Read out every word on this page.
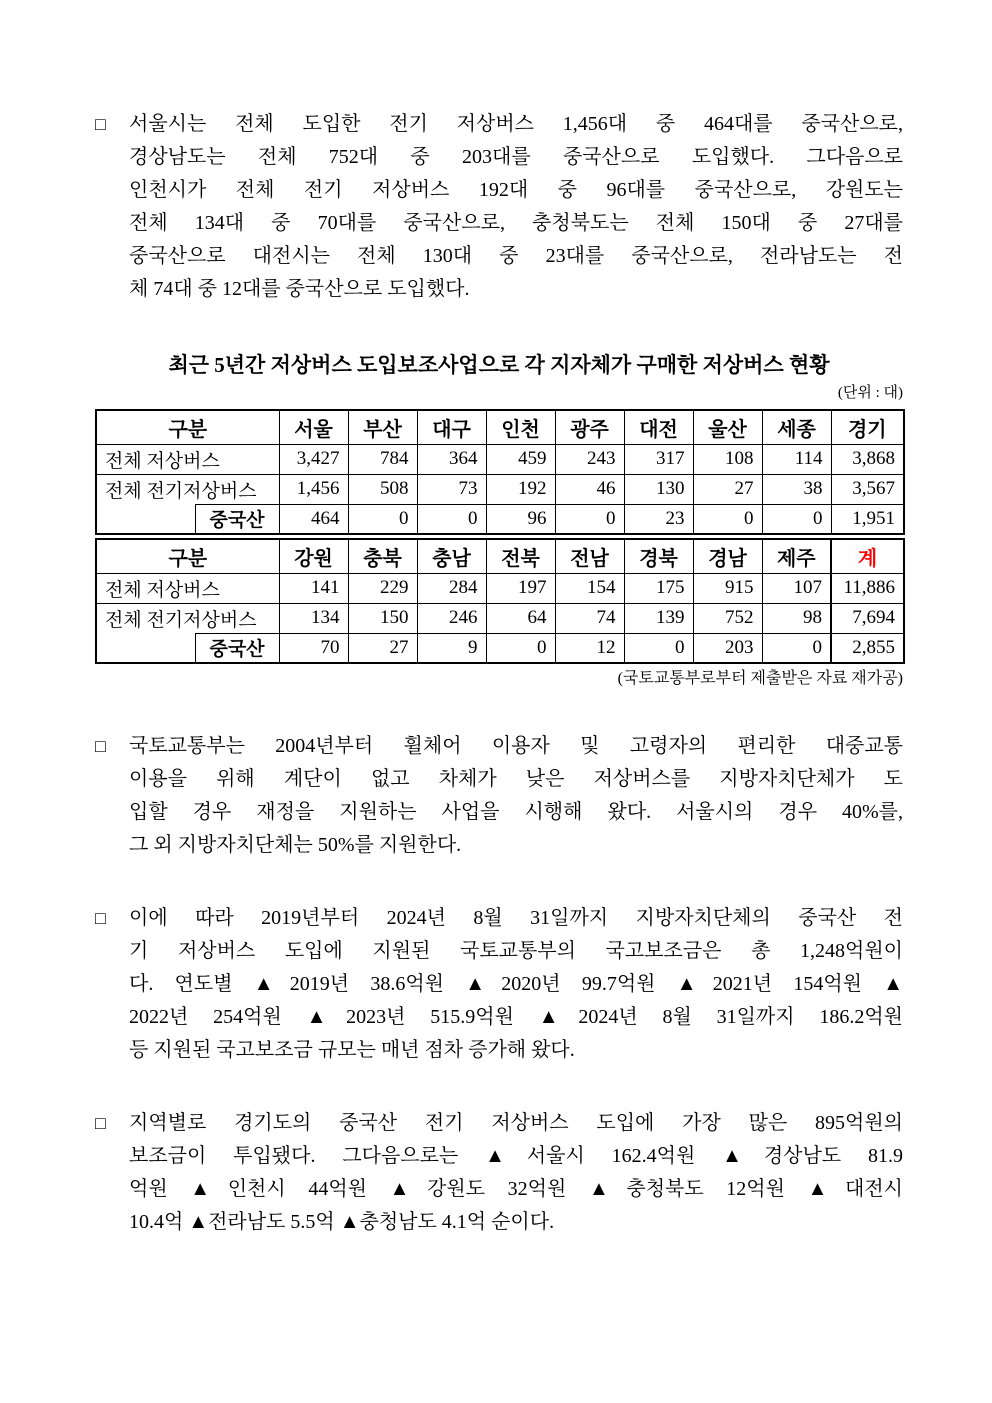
□	서울시는 전체 도입한 전기 저상버스 1,456대 중 464대를 중국산으로,
경상남도는 전체 752대 중 203대를 중국산으로 도입했다. 그다음으로
인천시가 전체 전기 저상버스 192대 중 96대를 중국산으로, 강원도는
전체 134대 중 70대를 중국산으로, 충청북도는 전체 150대 중 27대를
중국산으로 대전시는 전체 130대 중 23대를 중국산으로, 전라남도는 전
체 74대 중 12대를 중국산으로 도입했다.
최근 5년간 저상버스 도입보조사업으로 각 지자체가 구매한 저상버스 현황
(단위 : 대)
구분		서울	부산	대구	인천	광주	대전	울산	세종	경기
전체 저상버스		3,427	784	364	459	243	317	108	114	3,868
전체 전기저상버스		1,456	508	73	192	46	130	27	38	3,567
	중국산	464	0	0	96	0	23	0	0	1,951
구분		강원	충북	충남	전북	전남	경북	경남	제주	계
전체 저상버스		141	229	284	197	154	175	915	107	11,886
전체 전기저상버스		134	150	246	64	74	139	752	98	7,694
	중국산	70	27	9	0	12	0	203	0	2,855
(국토교통부로부터 제출받은 자료 재가공)
□	국토교통부는 2004년부터 휠체어 이용자 및 고령자의 편리한 대중교통
이용을 위해 계단이 없고 차체가 낮은 저상버스를 지방자치단체가 도
입할 경우 재정을 지원하는 사업을 시행해 왔다. 서울시의 경우 40%를,
그 외 지방자치단체는 50%를 지원한다.
□	이에 따라 2019년부터 2024년 8월 31일까지 지방자치단체의 중국산 전
기 저상버스 도입에 지원된 국토교통부의 국고보조금은 총 1,248억원이
다. 연도별 ▲2019년 38.6억원 ▲2020년 99.7억원 ▲2021년 154억원 ▲
2022년 254억원 ▲2023년 515.9억원 ▲2024년 8월 31일까지 186.2억원
등 지원된 국고보조금 규모는 매년 점차 증가해 왔다.
□	지역별로 경기도의 중국산 전기 저상버스 도입에 가장 많은 895억원의
보조금이 투입됐다. 그다음으로는 ▲서울시 162.4억원 ▲경상남도 81.9
억원 ▲인천시 44억원 ▲강원도 32억원 ▲충청북도 12억원 ▲대전시
10.4억 ▲전라남도 5.5억 ▲충청남도 4.1억 순이다.
